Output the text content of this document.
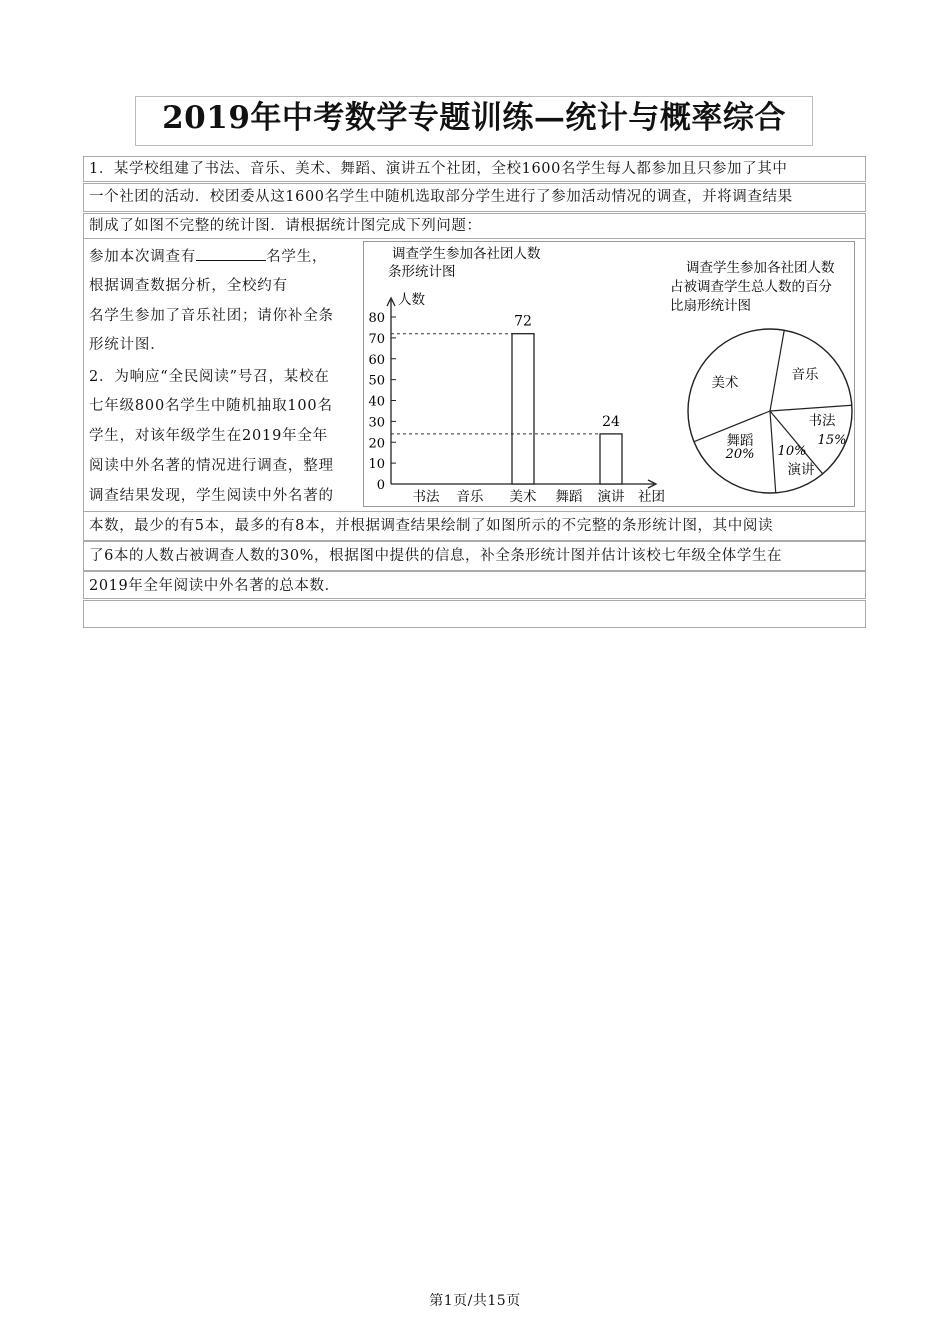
2019年中考数学专题训练—统计与概率综合
1．某学校组建了书法、音乐、美术、舞蹈、演讲五个社团，全校1600名学生每人都参加且只参加了其中
一个社团的活动．校团委从这1600名学生中随机选取部分学生进行了参加活动情况的调查，并将调查结果
制成了如图不完整的统计图．请根据统计图完成下列问题：
参加本次调查有	名学生，
根据调查数据分析，全校约有
名学生参加了音乐社团；请你补全条
形统计图．
2．为响应“全民阅读”号召，某校在
七年级800名学生中随机抽取100名
学生，对该年级学生在2019年全年
阅读中外名著的情况进行调查，整理
调查结果发现，学生阅读中外名著的
调查学生参加各社团人数
条形统计图
人数
社团
0
10
20
30
40
50
60
70
80	72
24
书法 音乐 美术 舞蹈 演讲
调查学生参加各社团人数
占被调查学生总人数的百分
比扇形统计图
美术	音乐
书法
15%
演讲
10%
舞蹈
20%
本数，最少的有5本，最多的有8本，并根据调查结果绘制了如图所示的不完整的条形统计图，其中阅读
了6本的人数占被调查人数的30%，根据图中提供的信息，补全条形统计图并估计该校七年级全体学生在
2019年全年阅读中外名著的总本数．
第1页/共15页
